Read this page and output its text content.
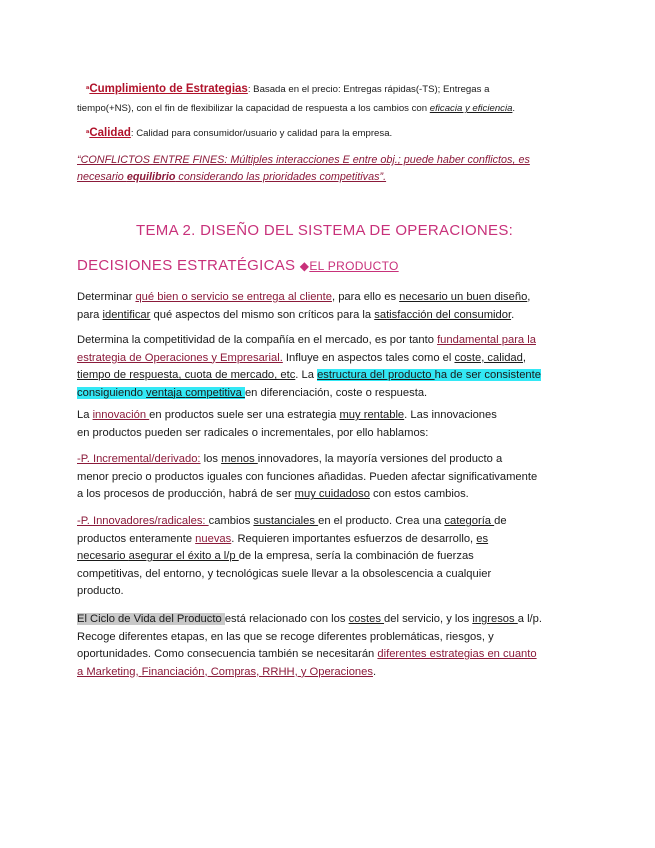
ªCumplimiento de Estrategias: Basada en el precio: Entregas rápidas(-TS); Entregas a
tiempo(+NS), con el fin de flexibilizar la capacidad de respuesta a los cambios con eficacia y eficiencia.
ªCalidad: Calidad para consumidor/usuario y calidad para la empresa.
“CONFLICTOS ENTRE FINES: Múltiples interacciones E entre obj.; puede haber conflictos, es
necesario equilibrio considerando las prioridades competitivas”.
TEMA 2. DISEÑO DEL SISTEMA DE OPERACIONES:
DECISIONES ESTRATÉGICAS ◆EL PRODUCTO
Determinar qué bien o servicio se entrega al cliente, para ello es necesario un buen diseño,
para identificar qué aspectos del mismo son críticos para la satisfacción del consumidor.
Determina la competitividad de la compañía en el mercado, es por tanto fundamental para la
estrategia de Operaciones y Empresarial. Influye en aspectos tales como el coste, calidad,
tiempo de respuesta, cuota de mercado, etc. La estructura del producto ha de ser consistente
consiguiendo ventaja competitiva en diferenciación, coste o respuesta.
La innovación en productos suele ser una estrategia muy rentable. Las innovaciones
en productos pueden ser radicales o incrementales, por ello hablamos:
-P. Incremental/derivado: los menos innovadores, la mayoría versiones del producto a
menor precio o productos iguales con funciones añadidas. Pueden afectar significativamente
a los procesos de producción, habrá de ser muy cuidadoso con estos cambios.
-P. Innovadores/radicales: cambios sustanciales en el producto. Crea una categoría de
productos enteramente nuevas. Requieren importantes esfuerzos de desarrollo, es
necesario asegurar el éxito a l/p de la empresa, sería la combinación de fuerzas
competitivas, del entorno, y tecnológicas suele llevar a la obsolescencia a cualquier
producto.
El Ciclo de Vida del Producto está relacionado con los costes del servicio, y los ingresos a l/p.
Recoge diferentes etapas, en las que se recoge diferentes problemáticas, riesgos, y
oportunidades. Como consecuencia también se necesitarán diferentes estrategias en cuanto
a Marketing, Financiación, Compras, RRHH, y Operaciones.
